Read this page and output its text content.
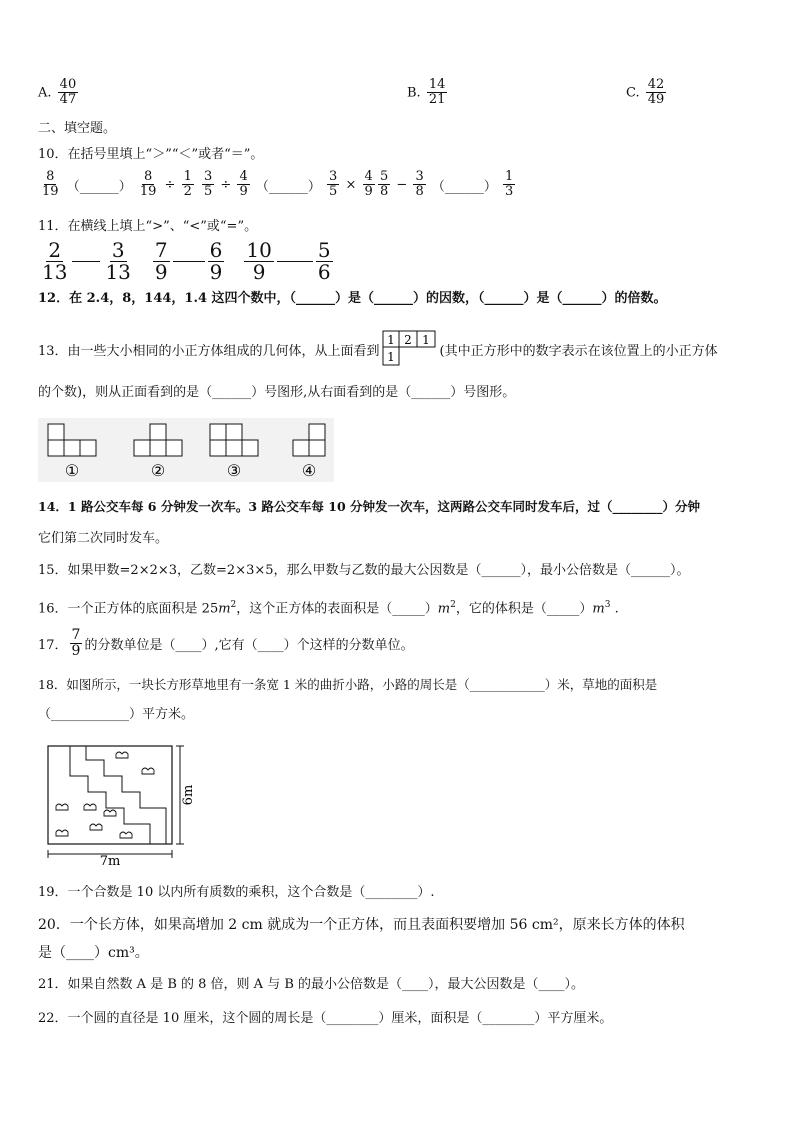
A. $\frac{40}{47}$	B. $\frac{14}{21}$	C. $\frac{42}{49}$
二、填空题。
10．在括号里填上“＞”“＜”或者“＝”。
$\frac{8}{19}$ （______） $\frac{8}{19} \div \frac{1}{2} \frac{3}{5} \div \frac{4}{9}$ （______） $\frac{3}{5} \times \frac{4}{9} \frac{5}{8} - \frac{3}{8}$ （______） $\frac{1}{3}$
11．在横线上填上“>”、“<”或“=”。
$\frac{2}{13} \frac{3}{13} \frac{7}{9} \frac{6}{9} \frac{10}{9} \frac{5}{6}$
12．在 2.4，8，144，1.4 这四个数中，（______）是（______）的因数，（______）是（______）的倍数。
13．由一些大小相同的小正方体组成的几何体，从上面看到
1 2 1
1	(其中正方形中的数字表示在该位置上的小正方体
的个数)，则从正面看到的是（______）号图形,从右面看到的是（______）号图形。
①	②	③	④
14．1 路公交车每 6 分钟发一次车。3 路公交车每 10 分钟发一次车，这两路公交车同时发车后，过（________）分钟
它们第二次同时发车。
15．如果甲数=2×2×3，乙数=2×3×5，那么甲数与乙数的最大公因数是（______），最小公倍数是（______）。
16．一个正方体的底面积是 $25m^2$，这个正方体的表面积是$(\_\_\_\_\_)m^2$，它的体积是$(\_\_\_\_\_)m^3$ .
17． $\frac{7}{9}$ 的分数单位是（____）,它有（____）个这样的分数单位。
18．如图所示，一块长方形草地里有一条宽 1 米的曲折小路，小路的周长是（____________）米，草地的面积是
（____________）平方米。
7m
6m
19．一个合数是 10 以内所有质数的乘积，这个合数是（________）.
20．一个长方体，如果高增加 2 cm 就成为一个正方体，而且表面积要增加 56 cm²，原来长方体的体积
是（____）cm³。
21．如果自然数 A 是 B 的 8 倍，则 A 与 B 的最小公倍数是（____），最大公因数是（____）。
22．一个圆的直径是 10 厘米，这个圆的周长是（________）厘米，面积是（________）平方厘米。
